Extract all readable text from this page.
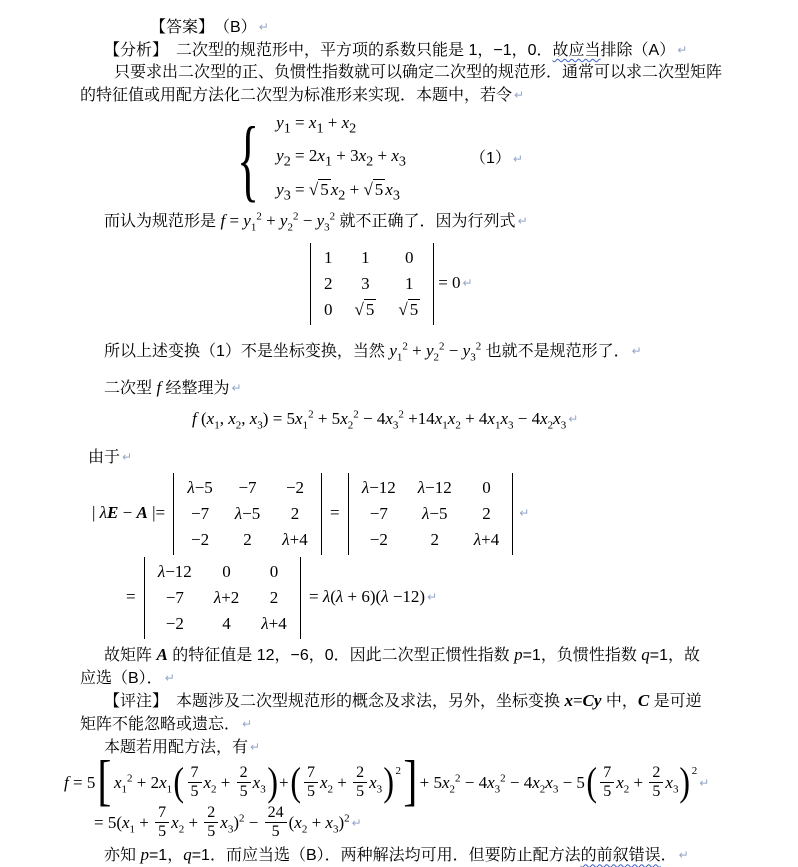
【答案】　（B） ↵
【分析】　二次型的规范形中，平方项的系数只能是 1，−1，0．故应当排除（A） ↵
只要求出二次型的正、负惯性指数就可以确定二次型的规范形．通常可以求二次型矩阵
的特征值或用配方法化二次型为标准形来实现．本题中，若令 ↵
{ $y_1 = x_1 + x_2$
$y_2 = 2x_1 + 3x_2 + x_3$
$y_3$ = √ 5 $x_2$ + √ 5 $x_3$
（1） ↵
而认为规范形是 $f = y_1^2 + y_2^2 - y_3^2$ 就不正确了．因为行列式 ↵
1	1	0
2	3	1
0	√ 5	√ 5
= 0 ↵
所以上述变换（1）不是坐标变换，当然 $y_1^2 + y_2^2 - y_3^2$ 也就不是规范形了． ↵
二次型 f 经整理为 ↵
f ($x_1$, $x_2$, $x_3) = 5x_1^2 + 5x_2^2 - 4x_3^2 +14x_1x_2 + 4x_1x_3 - 4x_2x_3$ ↵
由于 ↵
| λE − A |=
λ−5	−7	−2
−7	λ−5	2
−2	2	λ+4
=
λ−12	λ−12	0
−7	λ−5	2
−2	2	λ+4
↵
=
λ−12	0	0
−7	λ+2	2
−2	4	λ+4
= λ(λ + 6)(λ −12) ↵
故矩阵 A 的特征值是 12，−6，0．因此二次型正惯性指数 p=1，负惯性指数 q=1，故
应选（B）． ↵
【评注】　本题涉及二次型规范形的概念及求法，另外，坐标变换 x=Cy 中，C 是可逆
矩阵不能忽略或遗忘． ↵
本题若用配方法，有 ↵
f = 5[ $x_1^2 + 2x_1( \frac{7}{5} x_2 + \frac{2}{5} x_3)+( \frac{7}{5} x_2 + \frac{2}{5} x_3)^2] + 5x_2^2 - 4x_3^2 - 4x_2x_3 - 5( \frac{7}{5} x_2 + \frac{2}{5}$ $x_3)^2↵$
= $5(x_1 + \frac{7}{5} x_2 + \frac{2}{5} x_3)^2 - \frac{24}{5} (x_2 + x_3)^2$ ↵
亦知 p=1，q=1．而应当选（B）．两种解法均可用．但要防止配方法的前叙错误． ↵
